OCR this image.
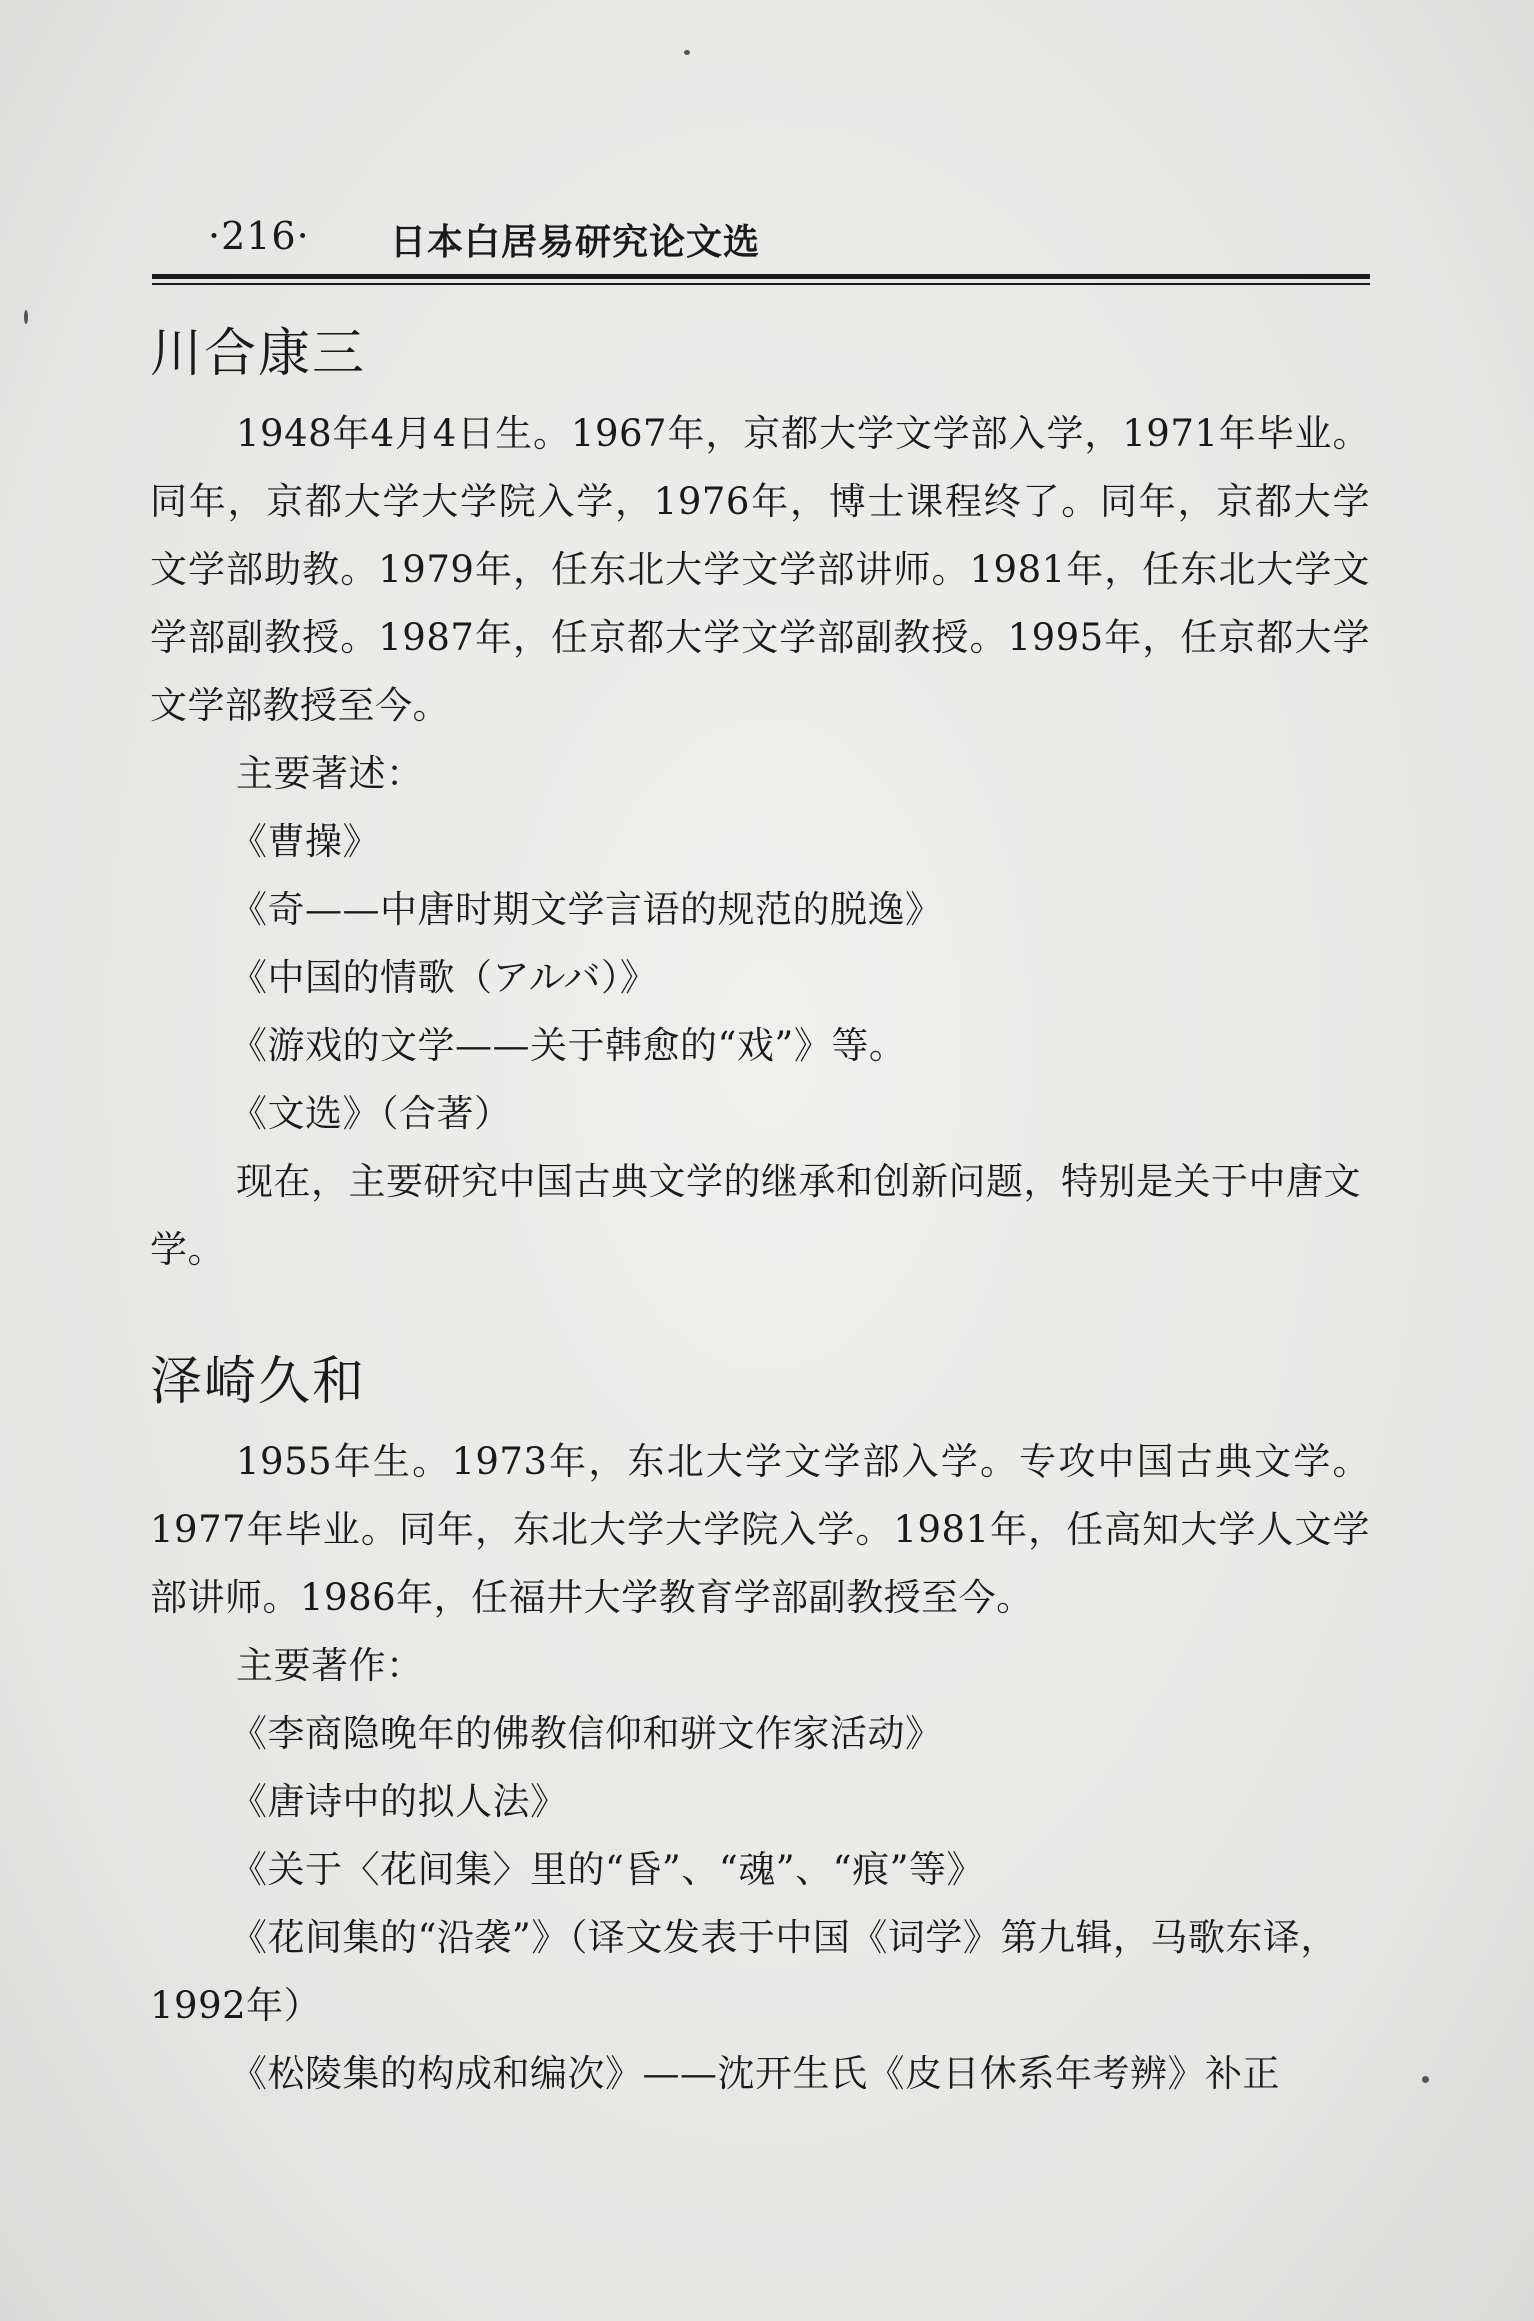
·216· 日本白居易研究论文选
川合康三

1948年4月4日生。1967年，京都大学文学部入学，1971年毕业。同年，京都大学大学院入学，1976年，博士课程终了。同年，京都大学文学部助教。1979年，任东北大学文学部讲师。1981年，任东北大学文学部副教授。1987年，任京都大学文学部副教授。1995年，任京都大学文学部教授至今。

主要著述：

《曹操》

《奇——中唐时期文学言语的规范的脱逸》

《中国的情歌（アルバ）》

《游戏的文学——关于韩愈的“戏”》等。

《文选》（合著）

现在，主要研究中国古典文学的继承和创新问题，特别是关于中唐文学。

泽崎久和

1955年生。1973年，东北大学文学部入学。专攻中国古典文学。1977年毕业。同年，东北大学大学院入学。1981年，任高知大学人文学部讲师。1986年，任福井大学教育学部副教授至今。

主要著作：

《李商隐晚年的佛教信仰和骈文作家活动》

《唐诗中的拟人法》

《关于〈花间集〉里的“昏”、“魂”、“痕”等》

《花间集的“沿袭”》（译文发表于中国《词学》第九辑，马歌东译，1992年）

《松陵集的构成和编次》——沈开生氏《皮日休系年考辨》补正
